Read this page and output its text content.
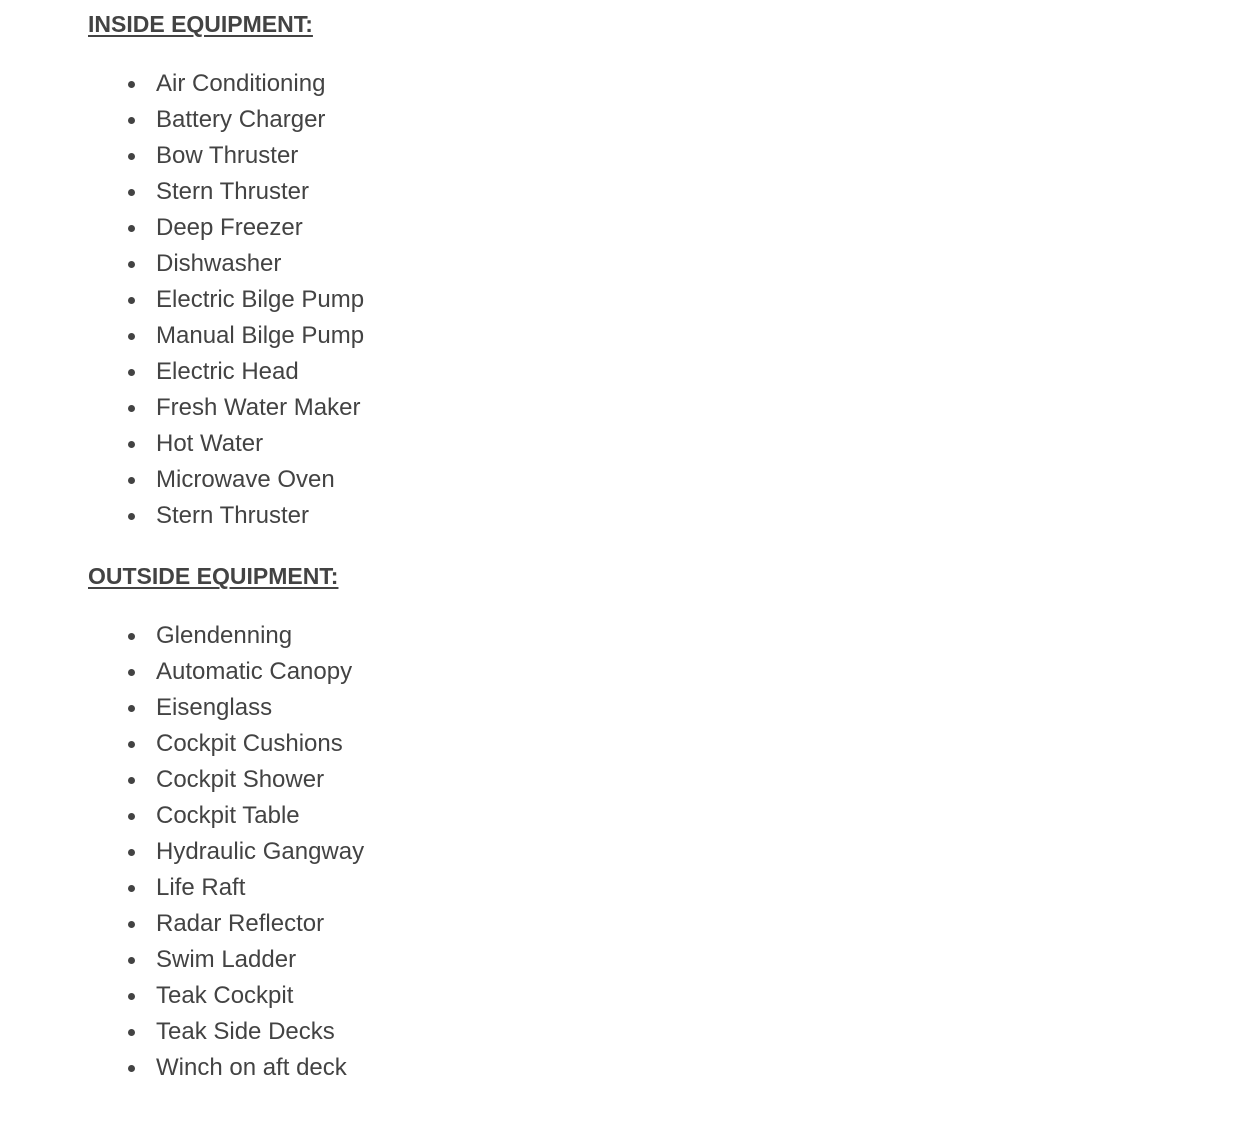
INSIDE EQUIPMENT:
Air Conditioning
Battery Charger
Bow Thruster
Stern Thruster
Deep Freezer
Dishwasher
Electric Bilge Pump
Manual Bilge Pump
Electric Head
Fresh Water Maker
Hot Water
Microwave Oven
Stern Thruster
OUTSIDE EQUIPMENT:
Glendenning
Automatic Canopy
Eisenglass
Cockpit Cushions
Cockpit Shower
Cockpit Table
Hydraulic Gangway
Life Raft
Radar Reflector
Swim Ladder
Teak Cockpit
Teak Side Decks
Winch on aft deck
